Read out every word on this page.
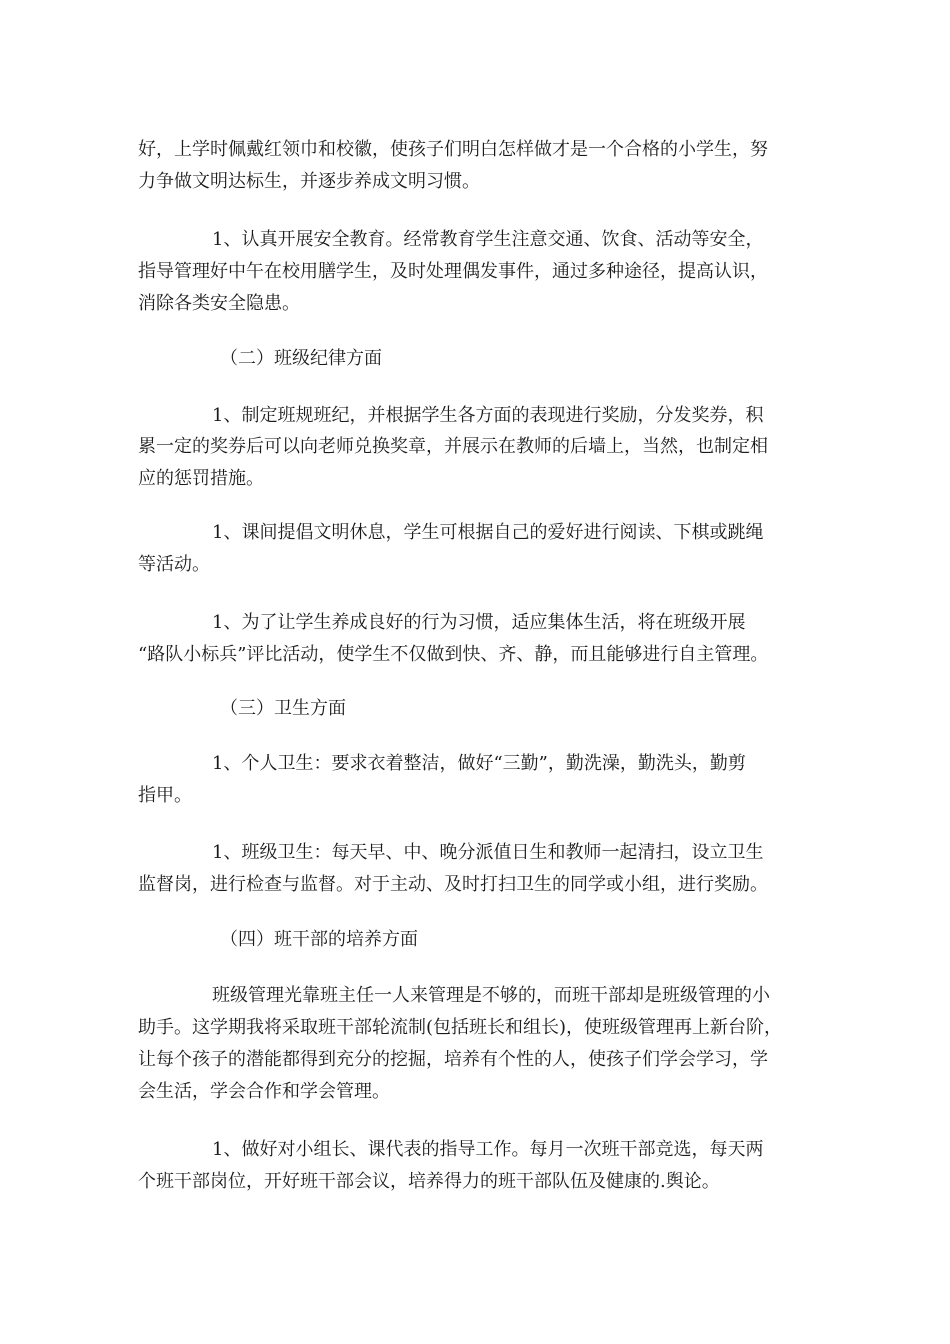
好，上学时佩戴红领巾和校徽，使孩子们明白怎样做才是一个合格的小学生，努
力争做文明达标生，并逐步养成文明习惯。
1、认真开展安全教育。经常教育学生注意交通、饮食、活动等安全，
指导管理好中午在校用膳学生，及时处理偶发事件，通过多种途径，提高认识，
消除各类安全隐患。
（二）班级纪律方面
1、制定班规班纪，并根据学生各方面的表现进行奖励，分发奖券，积
累一定的奖券后可以向老师兑换奖章，并展示在教师的后墙上，当然，也制定相
应的惩罚措施。
1、课间提倡文明休息，学生可根据自己的爱好进行阅读、下棋或跳绳
等活动。
1、为了让学生养成良好的行为习惯，适应集体生活，将在班级开展
“路队小标兵”评比活动，使学生不仅做到快、齐、静，而且能够进行自主管理。
（三）卫生方面
1、个人卫生：要求衣着整洁，做好“三勤”，勤洗澡，勤洗头，勤剪
指甲。
1、班级卫生：每天早、中、晚分派值日生和教师一起清扫，设立卫生
监督岗，进行检查与监督。对于主动、及时打扫卫生的同学或小组，进行奖励。
（四）班干部的培养方面
班级管理光靠班主任一人来管理是不够的，而班干部却是班级管理的小
助手。这学期我将采取班干部轮流制(包括班长和组长)，使班级管理再上新台阶，
让每个孩子的潜能都得到充分的挖掘，培养有个性的人，使孩子们学会学习，学
会生活，学会合作和学会管理。
1、做好对小组长、课代表的指导工作。每月一次班干部竞选，每天两
个班干部岗位，开好班干部会议，培养得力的班干部队伍及健康的.舆论。
